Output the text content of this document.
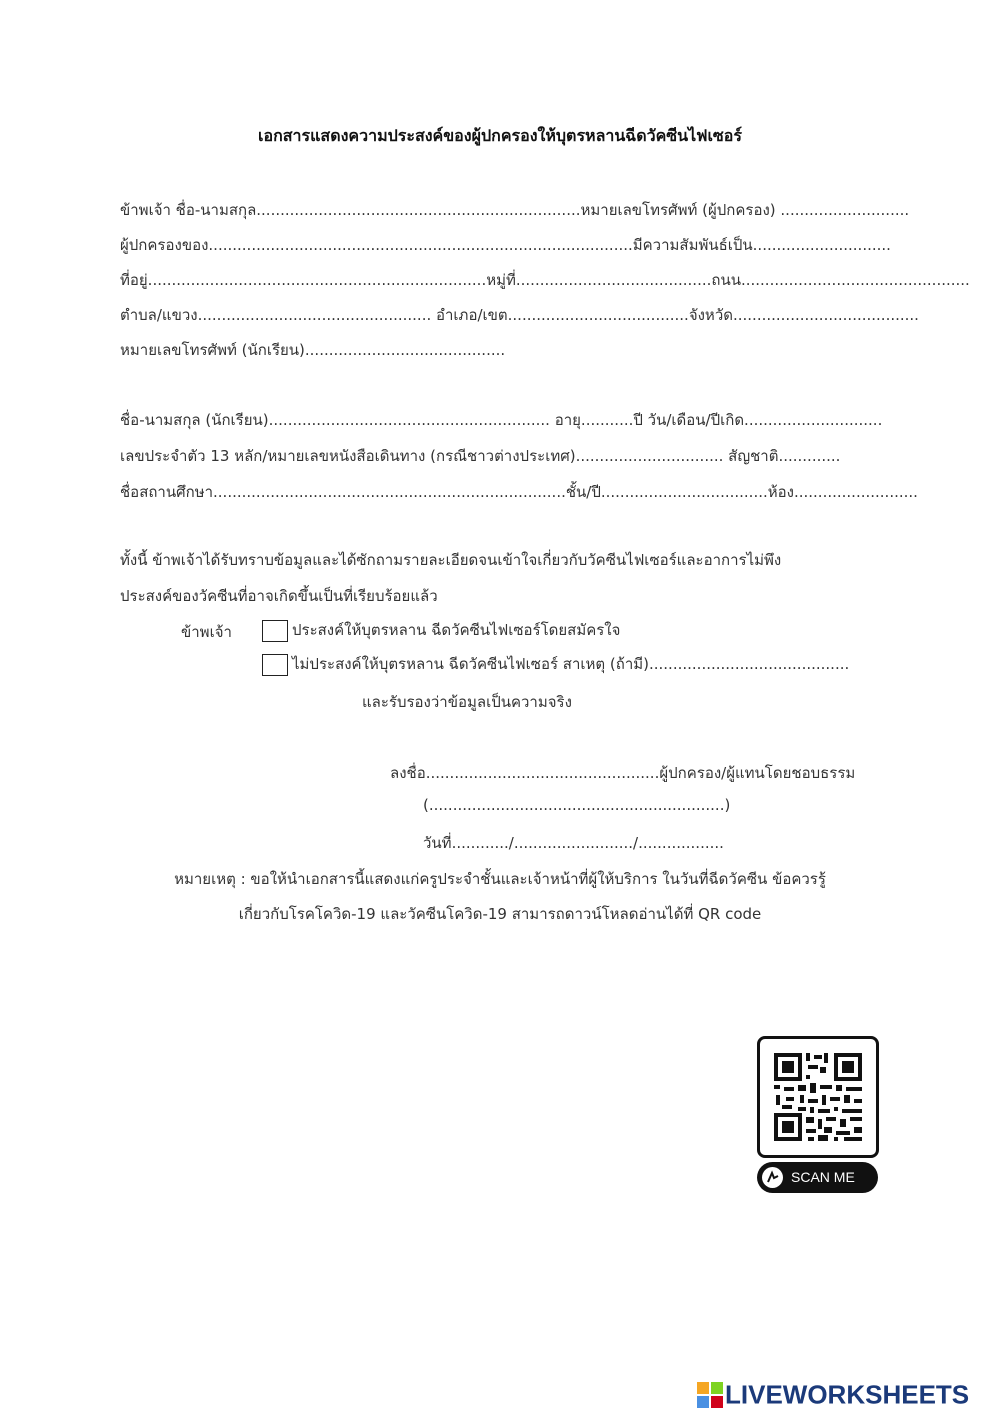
เอกสารแสดงความประสงค์ของผู้ปกครองให้บุตรหลานฉีดวัคซีนไฟเซอร์
ข้าพเจ้า ชื่อ-นามสกุล....................................................................หมายเลขโทรศัพท์ (ผู้ปกครอง) ...........................
ผู้ปกครองของ.........................................................................................มีความสัมพันธ์เป็น.............................
ที่อยู่.......................................................................หมู่ที่.........................................ถนน................................................
ตำบล/แขวง................................................. อำเภอ/เขต......................................จังหวัด.......................................
หมายเลขโทรศัพท์ (นักเรียน)..........................................
ชื่อ-นามสกุล (นักเรียน)........................................................... อายุ...........ปี วัน/เดือน/ปีเกิด.............................
เลขประจำตัว 13 หลัก/หมายเลขหนังสือเดินทาง (กรณีชาวต่างประเทศ)............................... สัญชาติ.............
ชื่อสถานศึกษา..........................................................................ชั้น/ปี...................................ห้อง..........................
ทั้งนี้ ข้าพเจ้าได้รับทราบข้อมูลและได้ซักถามรายละเอียดจนเข้าใจเกี่ยวกับวัคซีนไฟเซอร์และอาการไม่พึง
ประสงค์ของวัคซีนที่อาจเกิดขึ้นเป็นที่เรียบร้อยแล้ว
ข้าพเจ้า	ประสงค์ให้บุตรหลาน ฉีดวัคซีนไฟเซอร์โดยสมัครใจ
ไม่ประสงค์ให้บุตรหลาน ฉีดวัคซีนไฟเซอร์ สาเหตุ (ถ้ามี)..........................................
และรับรองว่าข้อมูลเป็นความจริง
ลงชื่อ.................................................ผู้ปกครอง/ผู้แทนโดยชอบธรรม
(..............................................................)
วันที่............/........................./..................
หมายเหตุ : ขอให้นำเอกสารนี้แสดงแก่ครูประจำชั้นและเจ้าหน้าที่ผู้ให้บริการ ในวันที่ฉีดวัคซีน ข้อควรรู้
เกี่ยวกับโรคโควิด-19 และวัคซีนโควิด-19 สามารถดาวน์โหลดอ่านได้ที่ QR code
SCAN ME
LIVEWORKSHEETS
